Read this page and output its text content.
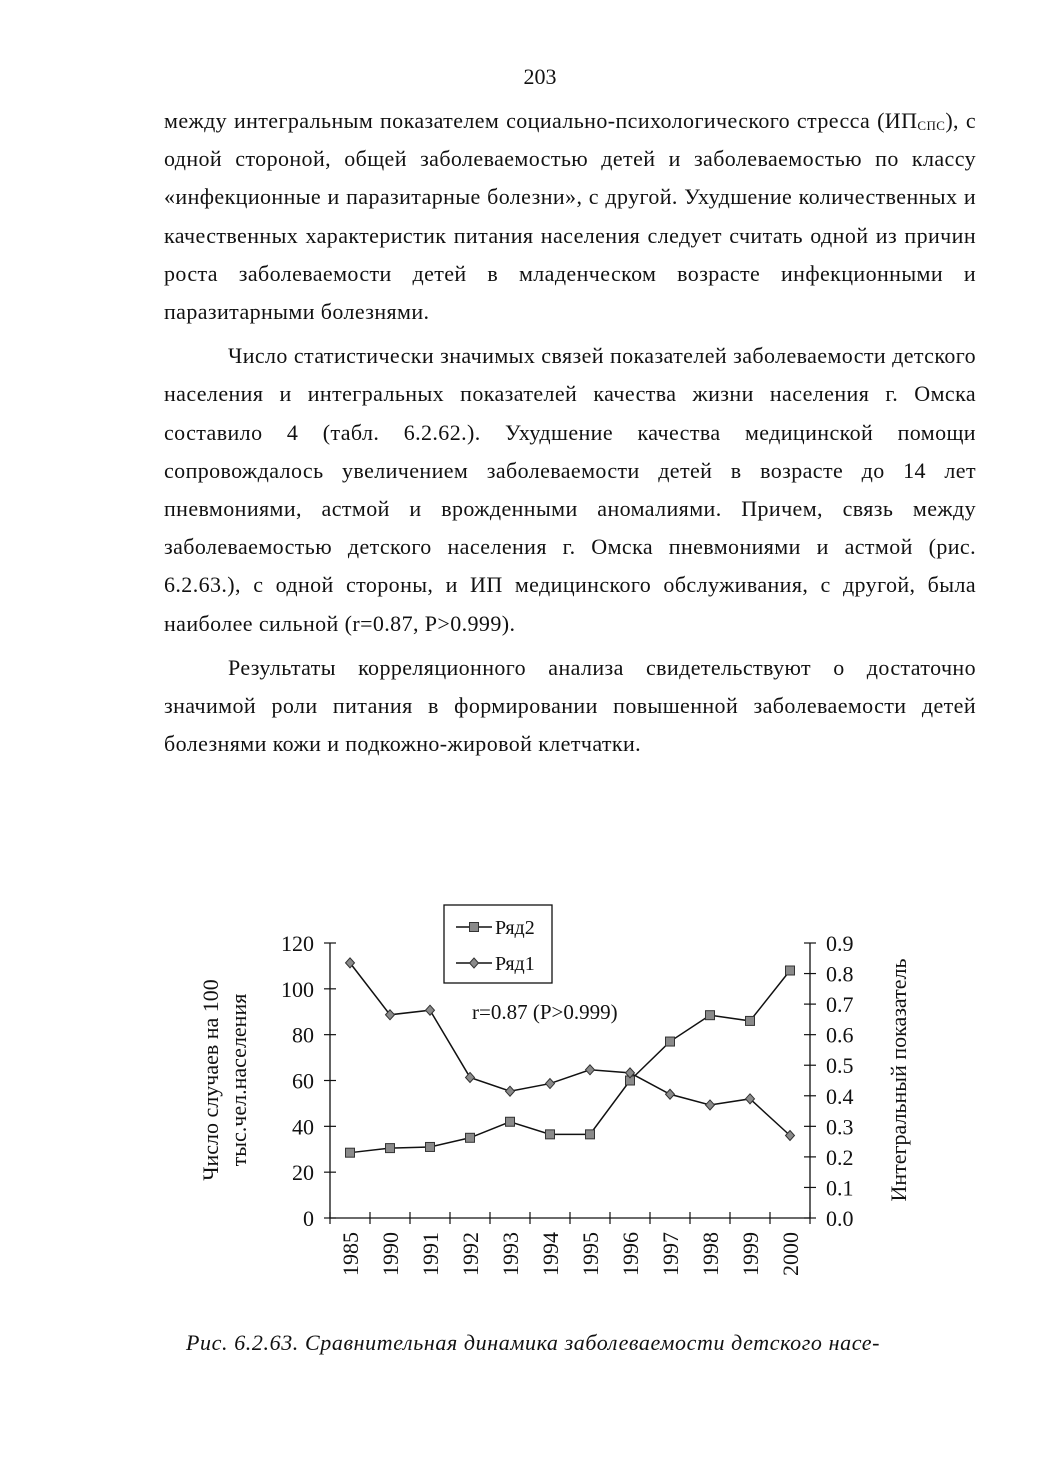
203

между интегральным показателем социально-психологического стресса $(ИП_{СПС})$, с одной стороной, общей заболеваемостью детей и заболеваемостью по классу «инфекционные и паразитарные болезни», с другой. Ухудшение количественных и качественных характеристик питания населения следует считать одной из причин роста заболеваемости детей в младенческом возрасте инфекционными и паразитарными болезнями.

Число статистически значимых связей показателей заболеваемости детского населения и интегральных показателей качества жизни населения г. Омска составило 4 (табл. 6.2.62.). Ухудшение качества медицинской помощи сопровождалось увеличением заболеваемости детей в возрасте до 14 лет пневмониями, астмой и врожденными аномалиями. Причем, связь между заболеваемостью детского населения г. Омска пневмониями и астмой (рис. 6.2.63.), с одной стороны, и ИП медицинского обслуживания, с другой, была наиболее сильной (r=0.87, P>0.999).

Результаты корреляционного анализа свидетельствуют о достаточно значимой роли питания в формировании повышенной заболеваемости детей болезнями кожи и подкожно-жировой клетчатки.

0
20
40
60
80
100
120
0.0
0.1
0.2
0.3
0.4
0.5
0.6
0.7
0.8
0.9
1985 1990 1991 1992 1993 1994 1995 1996 1997 1998 1999 2000
Число случаев на 100 тыс.чел.населения	Интегральный показатель
Ряд2
Ряд1
r=0.87 (P>0.999)
Рис. 6.2.63. Сравнительная динамика заболеваемости детского насе-
